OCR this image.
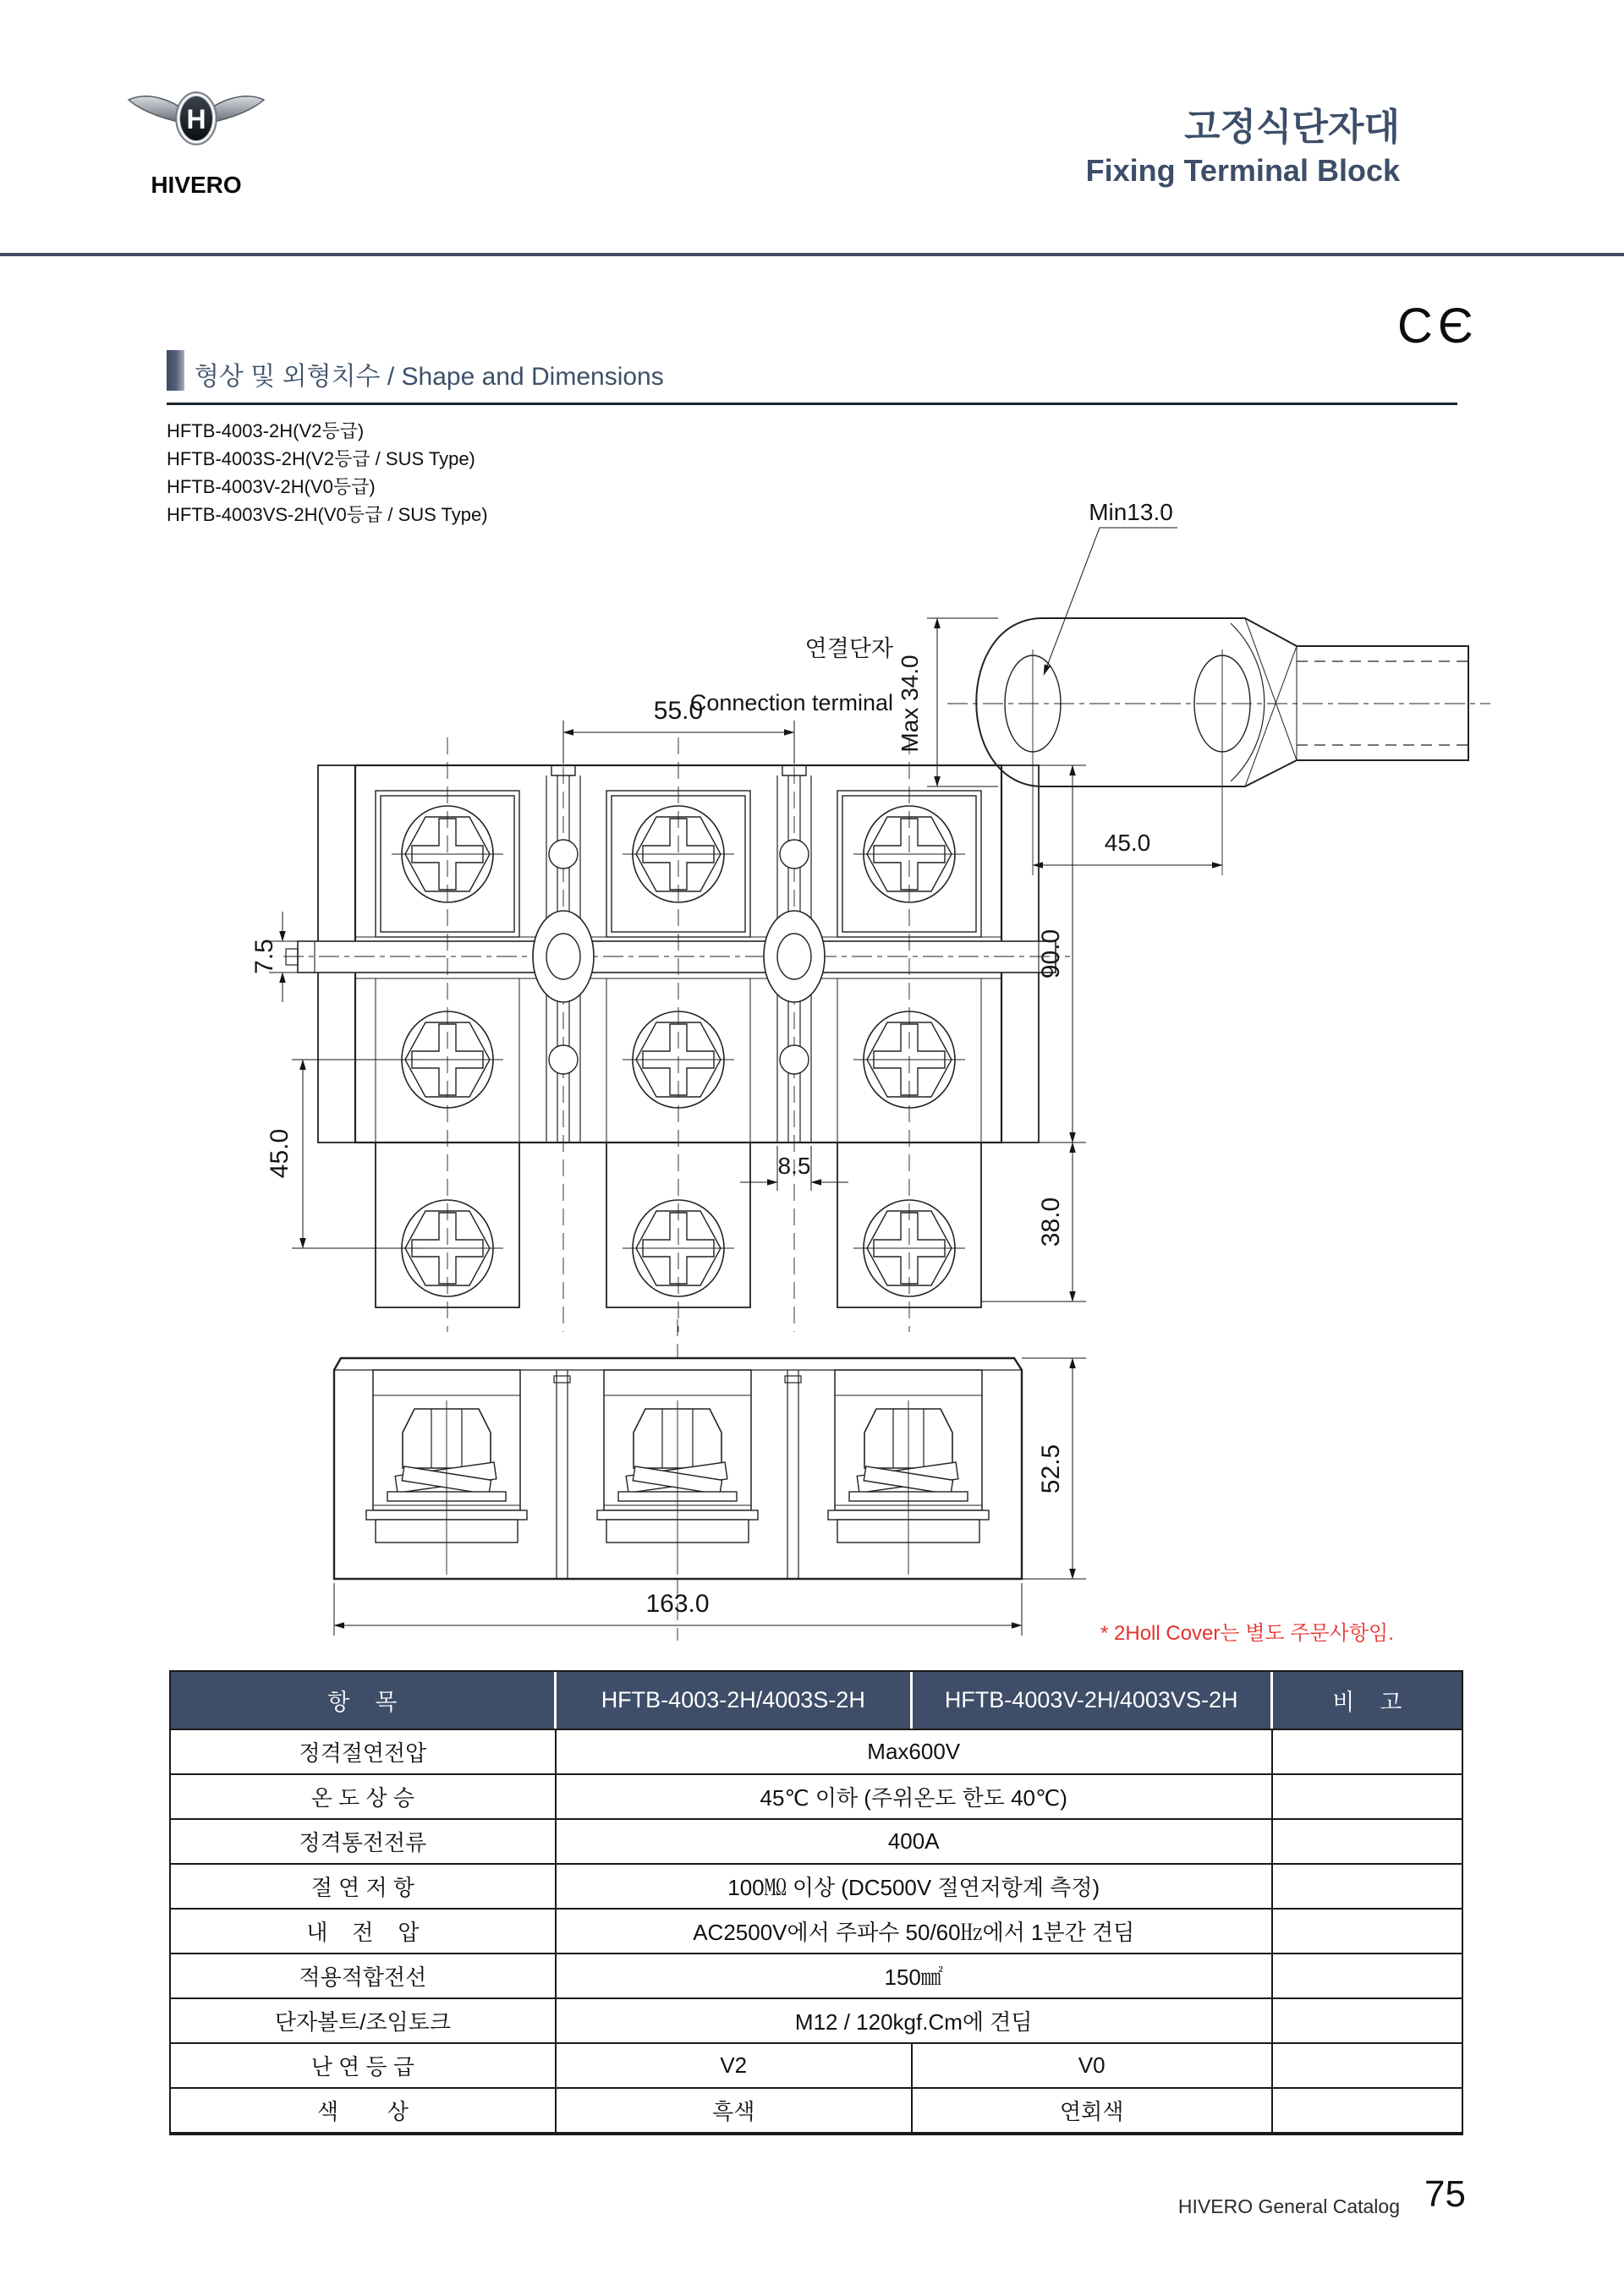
H
HIVERO
고정식단자대
Fixing Terminal Block
CЄ
형상 및 외형치수 / Shape and Dimensions
HFTB-4003-2H(V2등급)
HFTB-4003S-2H(V2등급 / SUS Type)
HFTB-4003V-2H(V0등급)
HFTB-4003VS-2H(V0등급 / SUS Type)
연결단자
Connection terminal
Min13.0
Max 34.0
45.0
55.0
7.5
45.0
90.0
38.0
8.5
52.5
163.0
* 2Holl Cover는 별도 주문사항임.
항    목	HFTB-4003-2H/4003S-2H	HFTB-4003V-2H/4003VS-2H	비    고
정격절연전압	Max600V
온 도 상 승	45℃ 이하 (주위온도 한도 40℃)
정격통전전류	400A
절 연 저 항	100㏁ 이상 (DC500V 절연저항계 측정)
내    전    압	AC2500V에서 주파수 50/60㎐에서 1분간 견딤
적용적합전선	150㎟
단자볼트/조임토크	M12 / 120kgf.Cm에 견딤
난 연 등 급	V2	V0
색        상	흑색	연회색
HIVERO General Catalog 75
